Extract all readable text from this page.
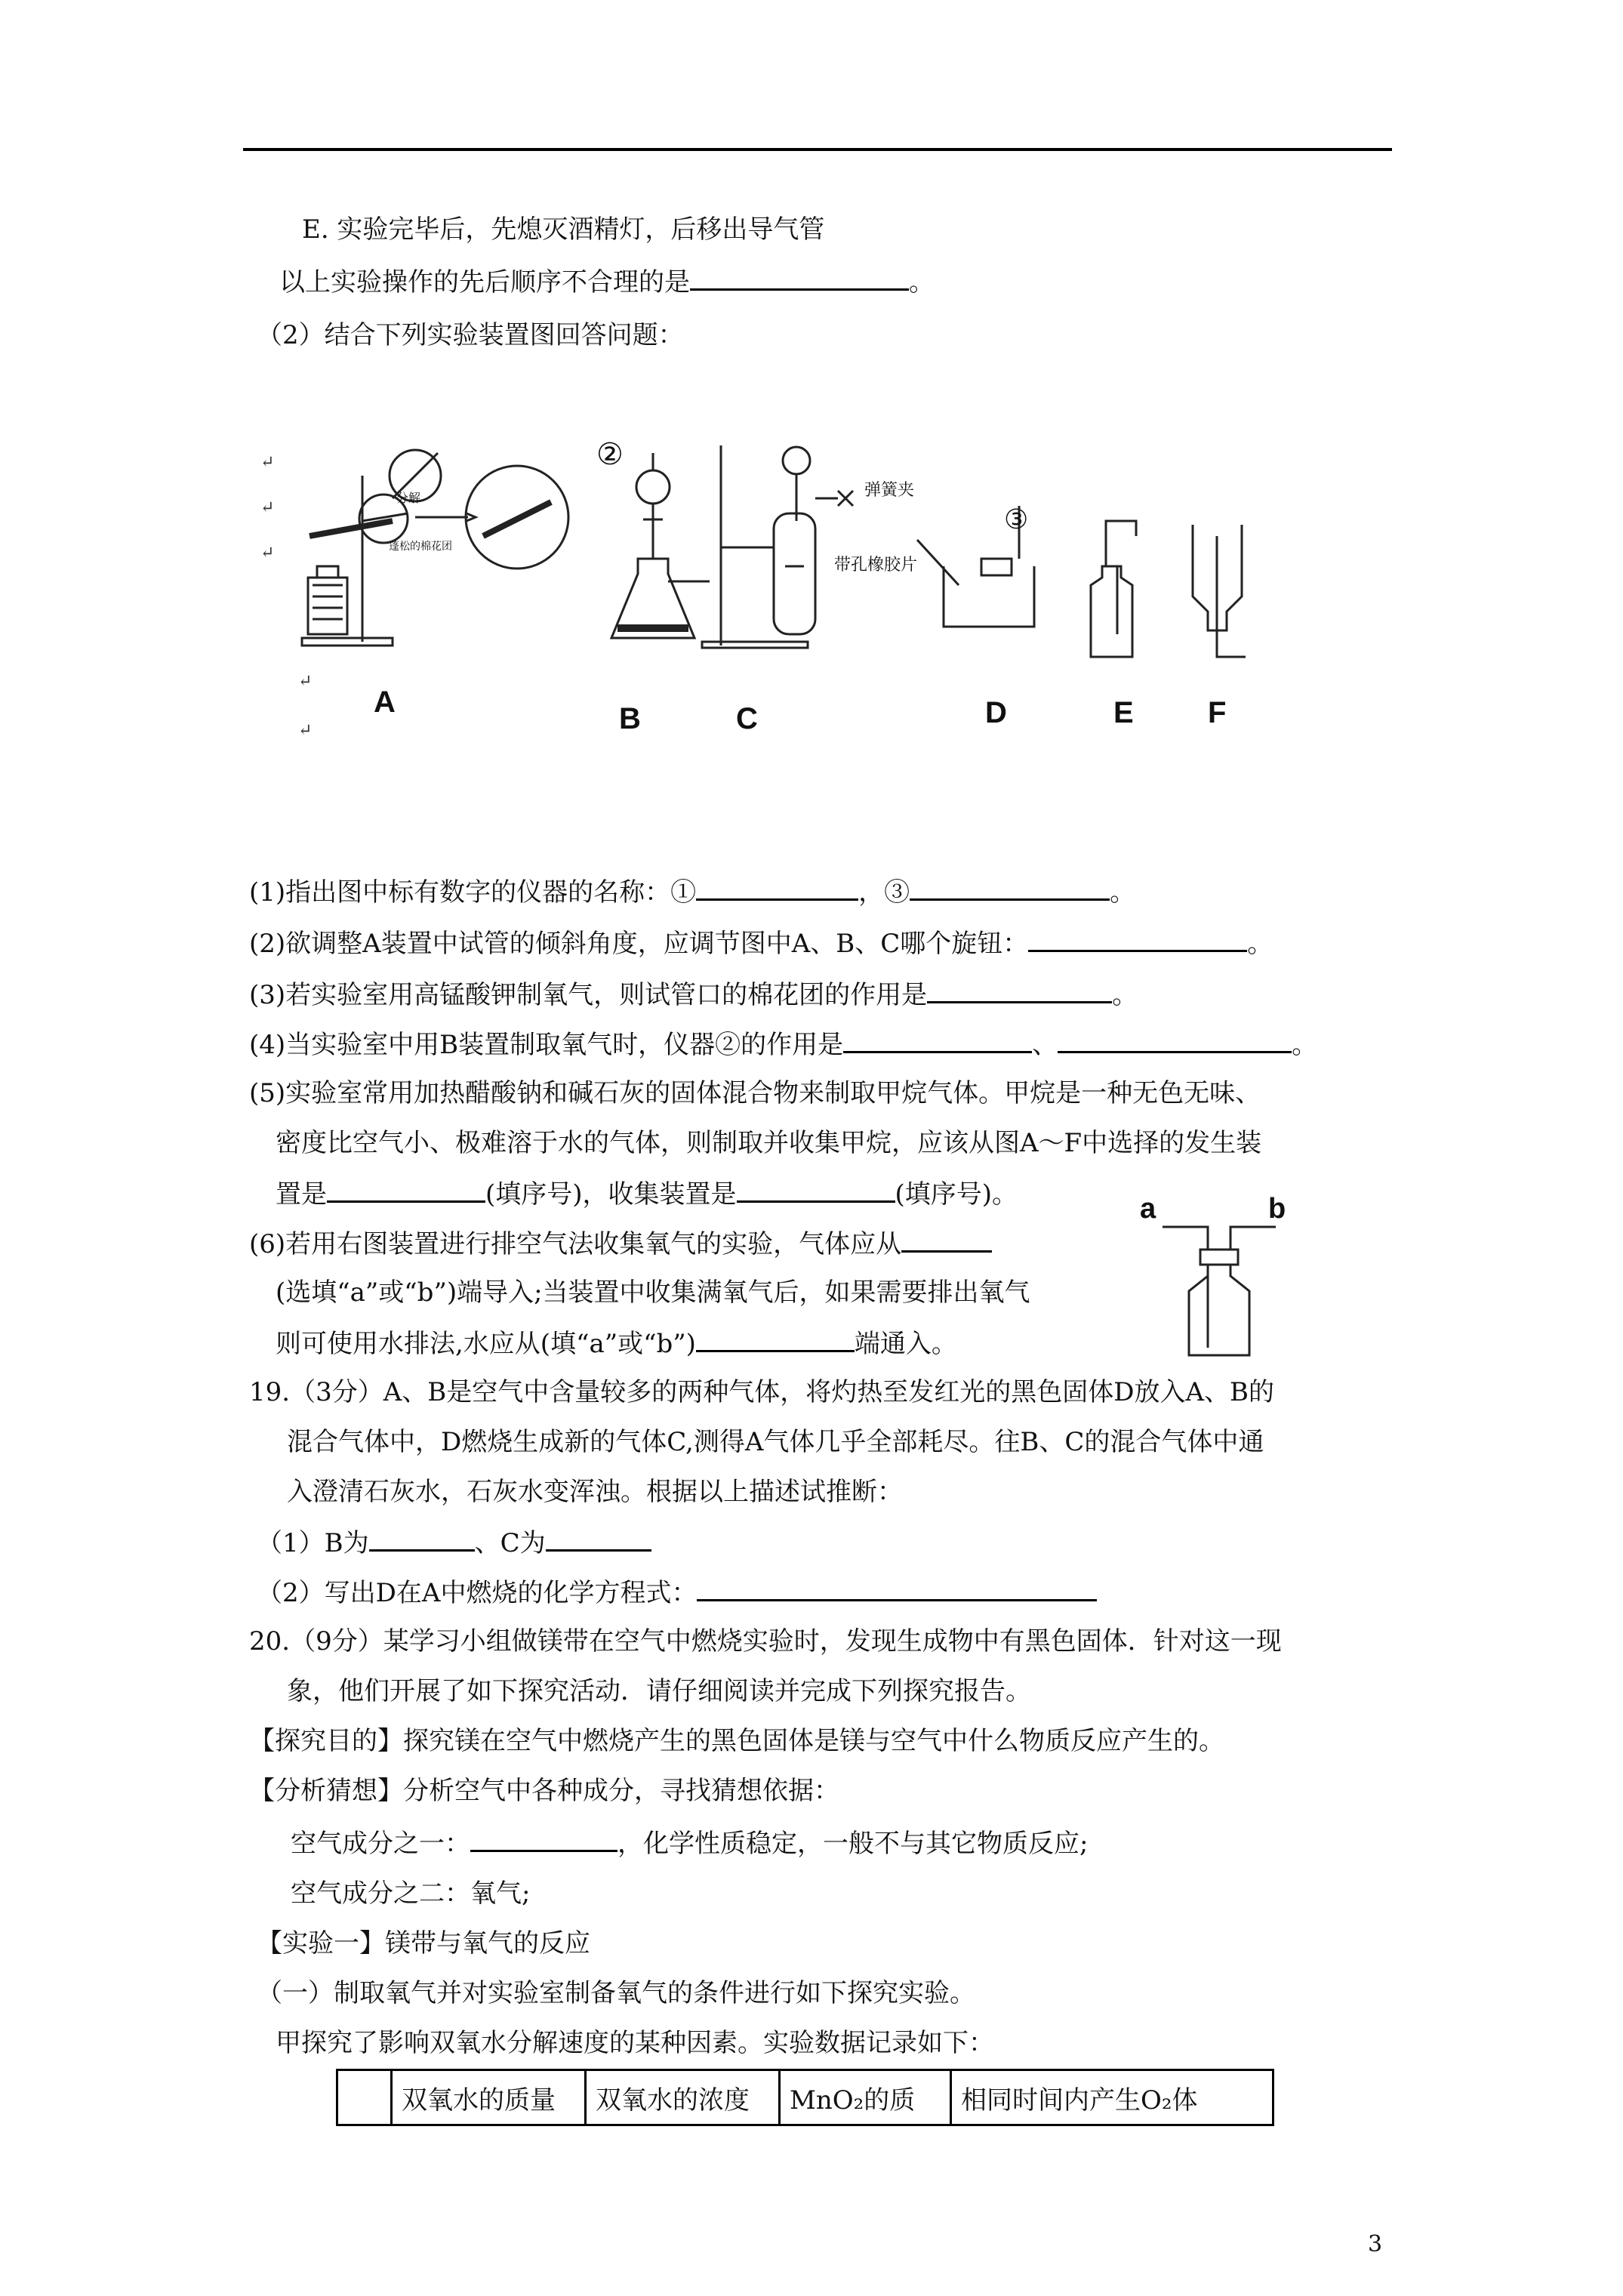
E. 实验完毕后，先熄灭酒精灯，后移出导气管
以上实验操作的先后顺序不合理的是	。
（2）结合下列实验装置图回答问题：
②
弹簧夹
带孔橡胶片
③
分解
蓬松的棉花团
A	B	C	D	E F
(1)指出图中标有数字的仪器的名称：①	，③	。
(2)欲调整A装置中试管的倾斜角度，应调节图中A、B、C哪个旋钮：	。
(3)若实验室用高锰酸钾制氧气，则试管口的棉花团的作用是	。
(4)当实验室中用B装置制取氧气时，仪器②的作用是	、	。
(5)实验室常用加热醋酸钠和碱石灰的固体混合物来制取甲烷气体。甲烷是一种无色无味、
密度比空气小、极难溶于水的气体，则制取并收集甲烷，应该从图A～F中选择的发生装
置是	(填序号)，收集装置是	(填序号)。
(6)若用右图装置进行排空气法收集氧气的实验，气体应从
(选填“a”或“b”)端导入;当装置中收集满氧气后，如果需要排出氧气
则可使用水排法,水应从(填“a”或“b”)	端通入。
a	b
19.（3分）A、B是空气中含量较多的两种气体，将灼热至发红光的黑色固体D放入A、B的
混合气体中，D燃烧生成新的气体C,测得A气体几乎全部耗尽。往B、C的混合气体中通
入澄清石灰水，石灰水变浑浊。根据以上描述试推断：
（1）B为	、C为
（2）写出D在A中燃烧的化学方程式：
20.（9分）某学习小组做镁带在空气中燃烧实验时，发现生成物中有黑色固体．针对这一现
象，他们开展了如下探究活动．请仔细阅读并完成下列探究报告。
【探究目的】探究镁在空气中燃烧产生的黑色固体是镁与空气中什么物质反应产生的。
【分析猜想】分析空气中各种成分，寻找猜想依据：
空气成分之一：	，化学性质稳定，一般不与其它物质反应;
空气成分之二：氧气;
【实验一】镁带与氧气的反应
（一）制取氧气并对实验室制备氧气的条件进行如下探究实验。
甲探究了影响双氧水分解速度的某种因素。实验数据记录如下：
	双氧水的质量	双氧水的浓度	MnO₂的质	相同时间内产生O₂体
3
↵
↵
↵
↵
↵
